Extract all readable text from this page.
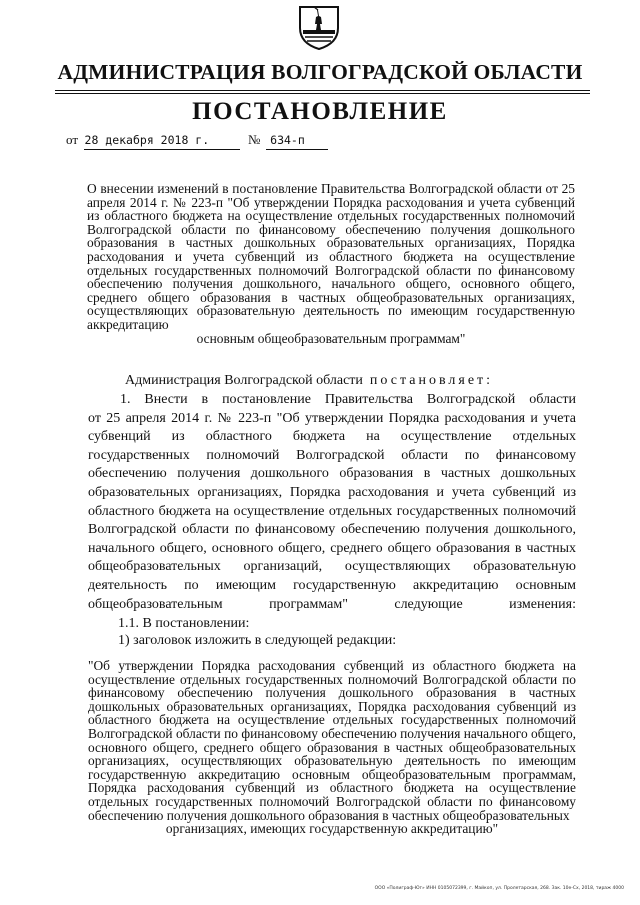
АДМИНИСТРАЦИЯ ВОЛГОГРАДСКОЙ ОБЛАСТИ
ПОСТАНОВЛЕНИЕ
от 28 декабря 2018 г.	№ 634-п
О внесении изменений в постановление Правительства Волгоградской области от 25 апреля 2014 г. № 223-п "Об утверждении Порядка расходования и учета субвенций из областного бюджета на осуществление отдельных государственных полномочий Волгоградской области по финансовому обеспечению получения дошкольного образования в частных дошкольных образовательных организациях, Порядка расходования и учета субвенций из областного бюджета на осуществление отдельных государственных полномочий Волгоградской области по финансовому обеспечению получения дошкольного, начального общего, основного общего, среднего общего образования в частных общеобразовательных организациях, осуществляющих образовательную деятельность по имеющим государственную аккредитацию
основным общеобразовательным программам"
Администрация Волгоградской области постановляет:
1. Внести в постановление Правительства Волгоградской области
от 25 апреля 2014 г. № 223-п "Об утверждении Порядка расходования и учета субвенций из областного бюджета на осуществление отдельных государственных полномочий Волгоградской области по финансовому обеспечению получения дошкольного образования в частных дошкольных образовательных организациях, Порядка расходования и учета субвенций из областного бюджета на осуществление отдельных государственных полномочий Волгоградской области по финансовому обеспечению получения дошкольного, начального общего, основного общего, среднего общего образования в частных общеобразовательных организаций, осуществляющих образовательную деятельность по имеющим государственную аккредитацию основным общеобразовательным программам" следующие изменения:
1.1. В постановлении:
1) заголовок изложить в следующей редакции:
"Об утверждении Порядка расходования субвенций из областного бюджета на осуществление отдельных государственных полномочий Волгоградской области по финансовому обеспечению получения дошкольного образования в частных дошкольных образовательных организациях, Порядка расходования субвенций из областного бюджета на осуществление отдельных государственных полномочий Волгоградской области по финансовому обеспечению получения начального общего, основного общего, среднего общего образования в частных общеобразовательных организациях, осуществляющих образовательную деятельность по имеющим государственную аккредитацию основным общеобразовательным программам, Порядка расходования субвенций из областного бюджета на осуществление отдельных государственных полномочий Волгоградской области по финансовому обеспечению получения дошкольного образования в частных общеобразовательных
организациях, имеющих государственную аккредитацию"
ООО «Полиграф-Юг» ИНН 0105072399, г. Майкоп, ул. Пролетарская, 268. Зак. 10е-Сх, 2018, тираж 4000
